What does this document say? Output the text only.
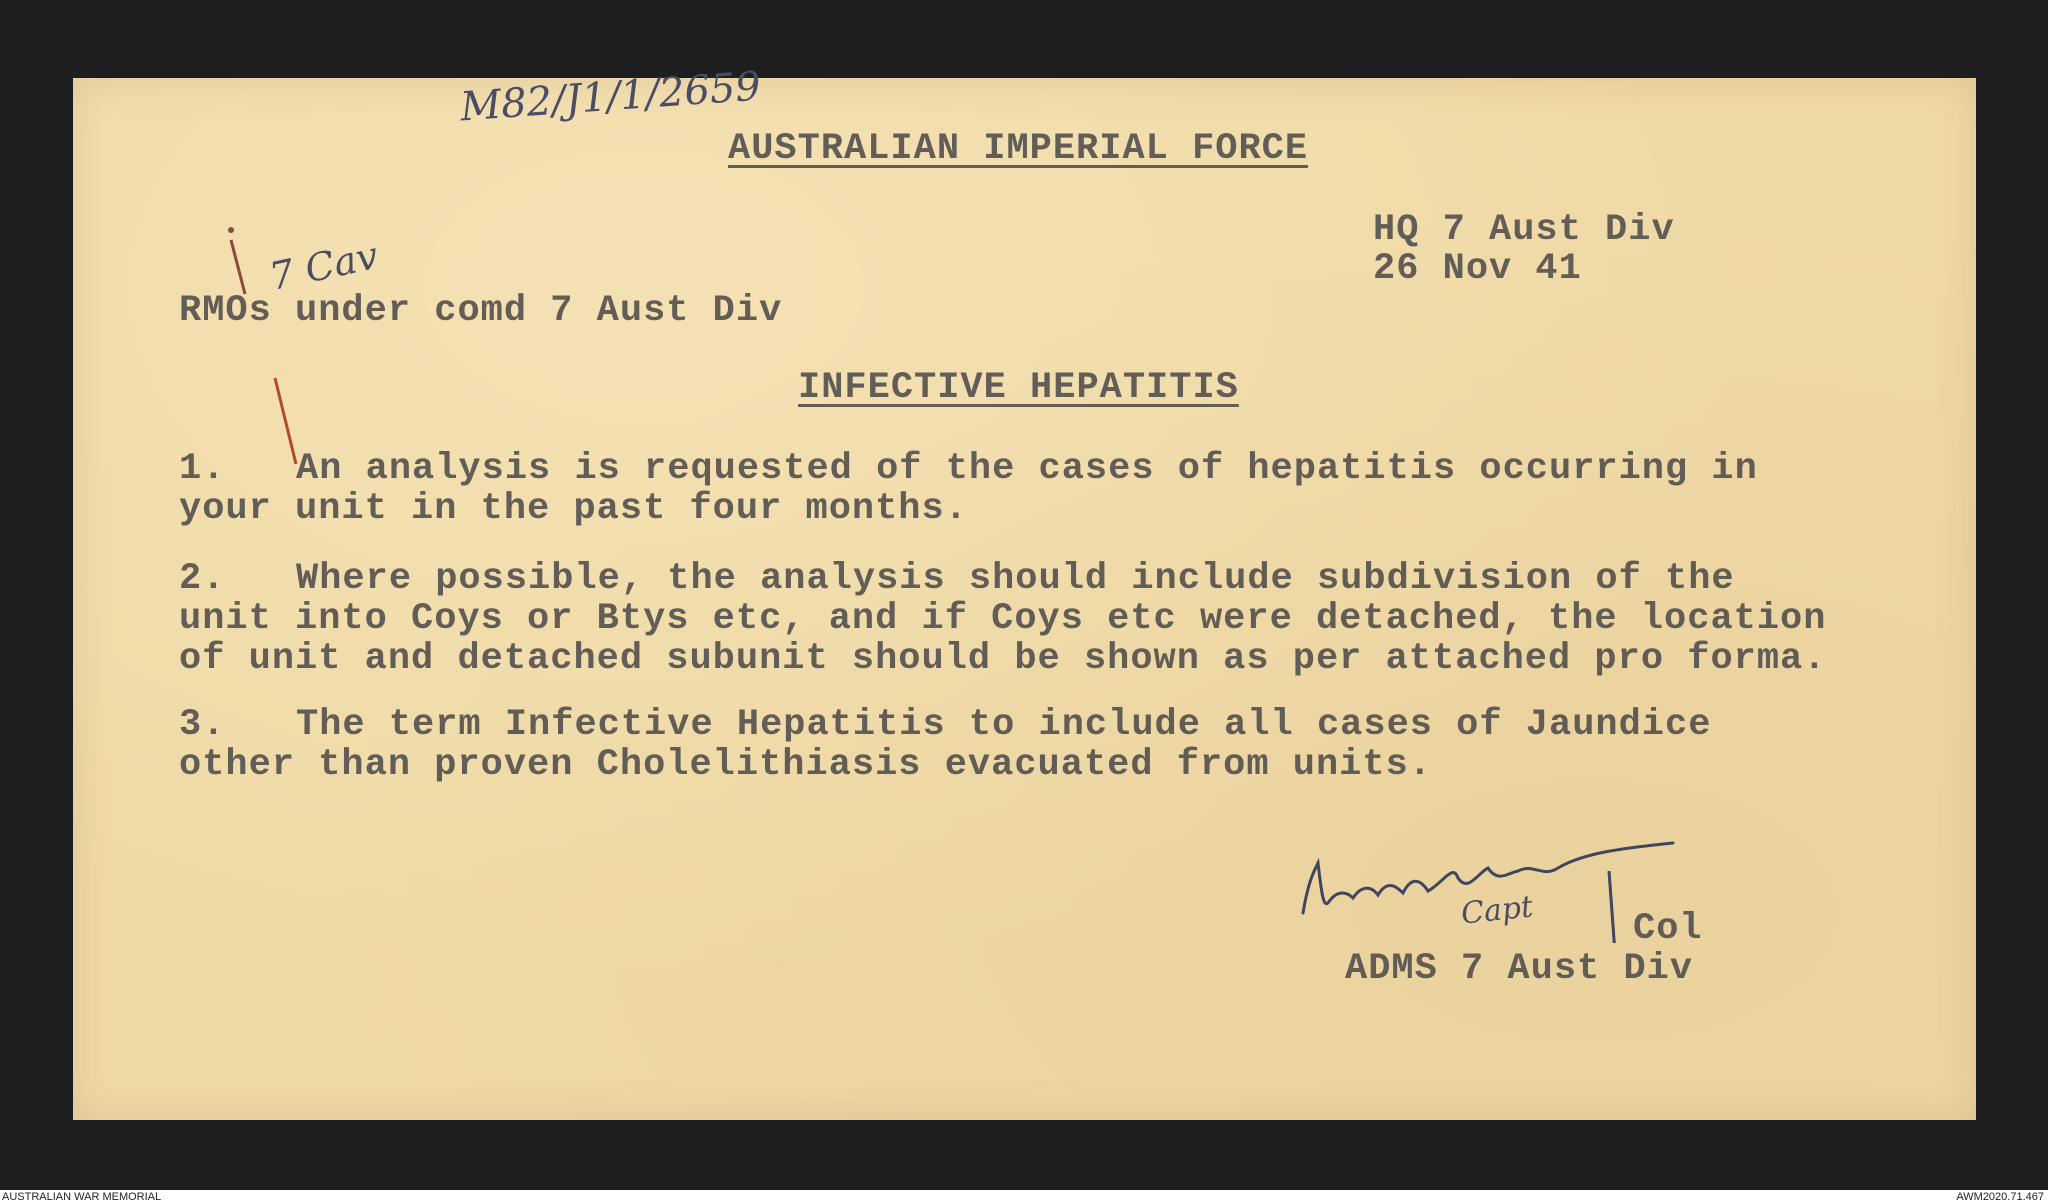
M82/J1/1/2659
7 Cav
AUSTRALIAN IMPERIAL FORCE
HQ 7 Aust Div
26 Nov 41
RMOs under comd 7 Aust Div
INFECTIVE HEPATITIS
1. An analysis is requested of the cases of hepatitis occurring in
your unit in the past four months.
2. Where possible, the analysis should include subdivision of the
unit into Coys or Btys etc, and if Coys etc were detached, the location
of unit and detached subunit should be shown as per attached pro forma.
3. The term Infective Hepatitis to include all cases of Jaundice
other than proven Cholelithiasis evacuated from units.
Capt	Col
ADMS 7 Aust Div
AUSTRALIAN WAR MEMORIAL	AWM2020.71.467
